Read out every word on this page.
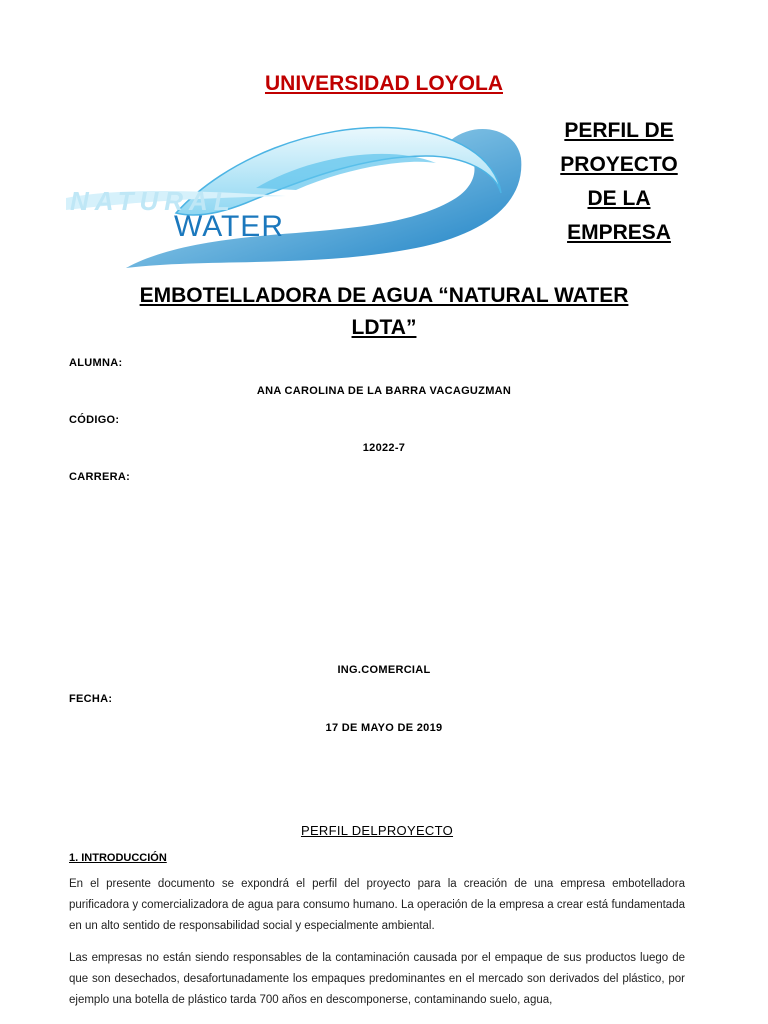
UNIVERSIDAD LOYOLA
NATURAL
WATER
PERFIL DE
PROYECTO
DE LA
EMPRESA
EMBOTELLADORA DE AGUA “NATURAL WATER
LDTA”
ALUMNA:
ANA CAROLINA DE LA BARRA VACAGUZMAN
CÓDIGO:
12022-7
CARRERA:
ING.COMERCIAL
FECHA:
17 DE MAYO DE 2019
PERFIL DELPROYECTO
1. INTRODUCCIÓN
En el presente documento se expondrá el perfil del proyecto para la creación de una empresa embotelladora purificadora y comercializadora de agua para consumo humano. La operación de la empresa a crear está fundamentada en un alto sentido de responsabilidad social y especialmente ambiental.
Las empresas no están siendo responsables de la contaminación causada por el empaque de sus productos luego de que son desechados, desafortunadamente los empaques predominantes en el mercado son derivados del plástico, por ejemplo una botella de plástico tarda 700 años en descomponerse, contaminando suelo, agua,
